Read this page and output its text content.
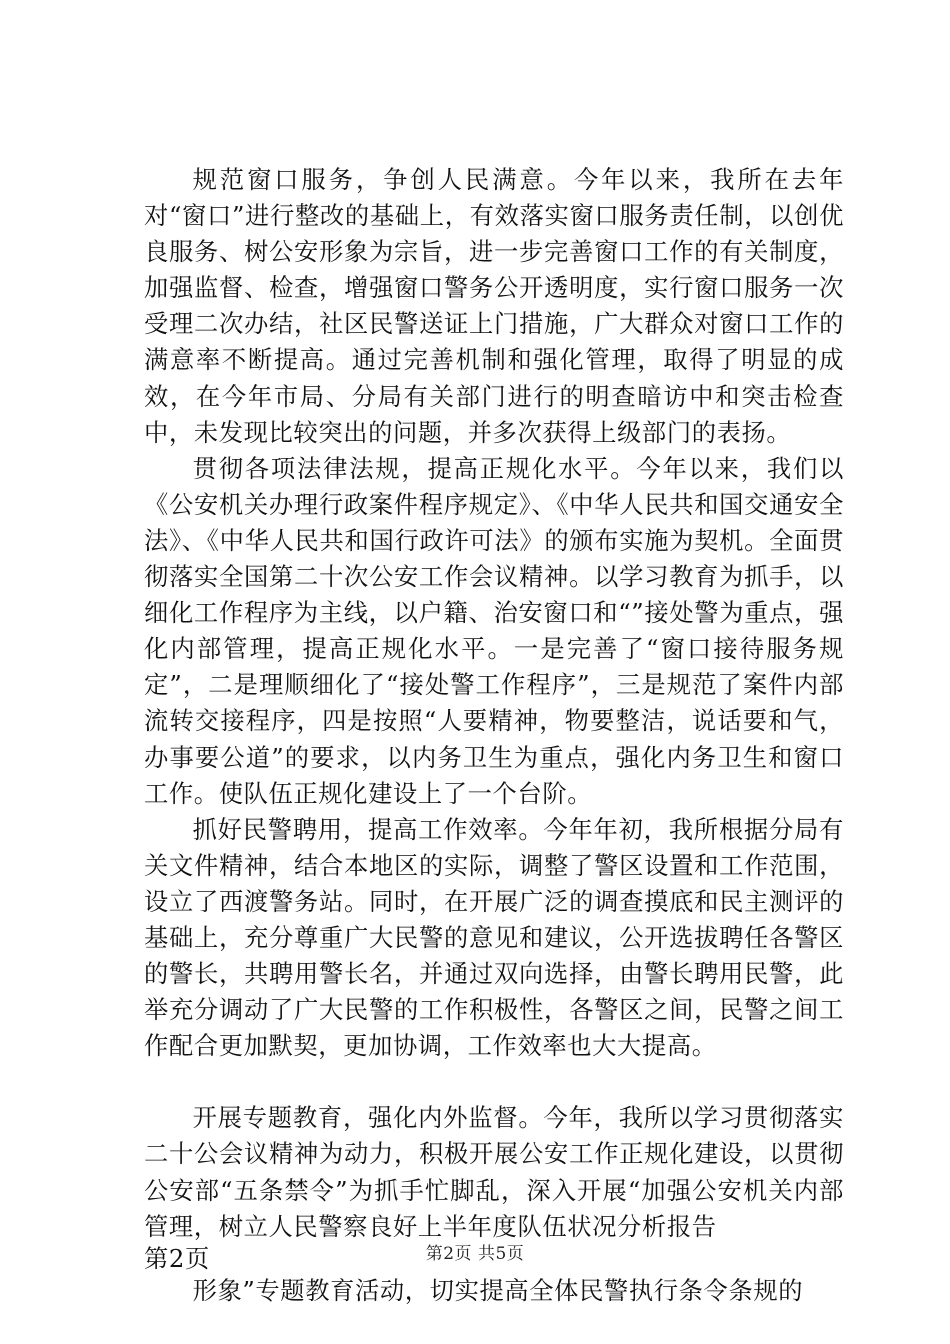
规范窗口服务，争创人民满意。今年以来，我所在去年对“窗口”进行整改的基础上，有效落实窗口服务责任制，以创优良服务、树公安形象为宗旨，进一步完善窗口工作的有关制度，加强监督、检查，增强窗口警务公开透明度，实行窗口服务一次受理二次办结，社区民警送证上门措施，广大群众对窗口工作的满意率不断提高。通过完善机制和强化管理，取得了明显的成效，在今年市局、分局有关部门进行的明查暗访中和突击检查中，未发现比较突出的问题，并多次获得上级部门的表扬。

贯彻各项法律法规，提高正规化水平。今年以来，我们以《公安机关办理行政案件程序规定》、《中华人民共和国交通安全法》、《中华人民共和国行政许可法》的颁布实施为契机。全面贯彻落实全国第二十次公安工作会议精神。以学习教育为抓手，以细化工作程序为主线，以户籍、治安窗口和“”接处警为重点，强化内部管理，提高正规化水平。一是完善了“窗口接待服务规定”，二是理顺细化了“接处警工作程序”，三是规范了案件内部流转交接程序，四是按照“人要精神，物要整洁，说话要和气，办事要公道”的要求，以内务卫生为重点，强化内务卫生和窗口工作。使队伍正规化建设上了一个台阶。

抓好民警聘用，提高工作效率。今年年初，我所根据分局有关文件精神，结合本地区的实际，调整了警区设置和工作范围，设立了西渡警务站。同时，在开展广泛的调查摸底和民主测评的基础上，充分尊重广大民警的意见和建议，公开选拔聘任各警区的警长，共聘用警长名，并通过双向选择，由警长聘用民警，此举充分调动了广大民警的工作积极性，各警区之间，民警之间工作配合更加默契，更加协调，工作效率也大大提高。

开展专题教育，强化内外监督。今年，我所以学习贯彻落实二十公会议精神为动力，积极开展公安工作正规化建设，以贯彻公安部“五条禁令”为抓手忙脚乱，深入开展“加强公安机关内部管理，树立人民警察良好上半年度队伍状况分析报告

第2页

形象”专题教育活动，切实提高全体民警执行条令条规的

第2页 共5页
